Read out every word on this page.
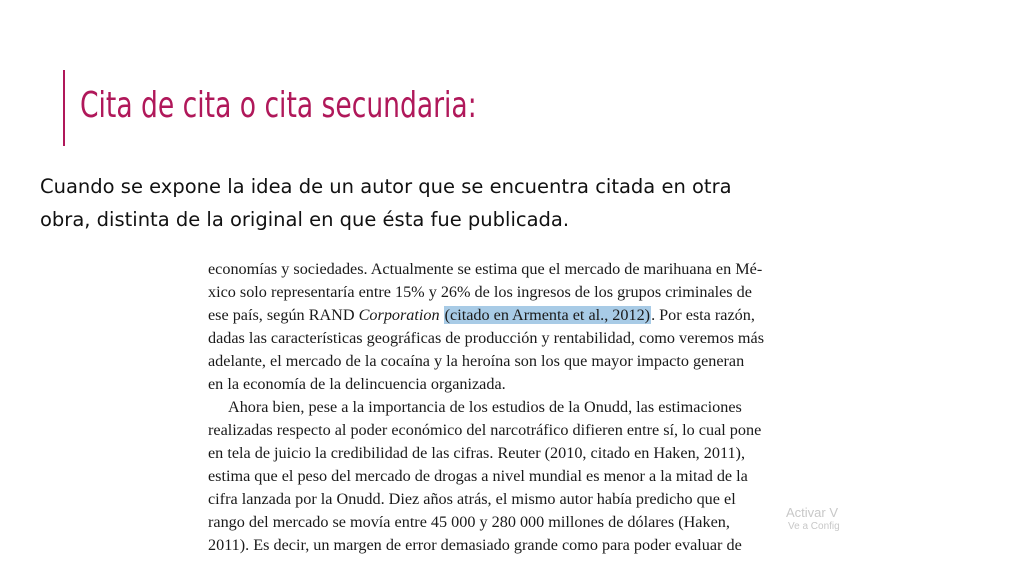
Cita de cita o cita secundaria:
Cuando se expone la idea de un autor que se encuentra citada en otra
obra, distinta de la original en que ésta fue publicada.
economías y sociedades. Actualmente se estima que el mercado de marihuana en Mé-
xico solo representaría entre 15% y 26% de los ingresos de los grupos criminales de
ese país, según RAND Corporation (citado en Armenta et al., 2012). Por esta razón,
dadas las características geográficas de producción y rentabilidad, como veremos más
adelante, el mercado de la cocaína y la heroína son los que mayor impacto generan
en la economía de la delincuencia organizada.
Ahora bien, pese a la importancia de los estudios de la Onudd, las estimaciones
realizadas respecto al poder económico del narcotráfico difieren entre sí, lo cual pone
en tela de juicio la credibilidad de las cifras. Reuter (2010, citado en Haken, 2011),
estima que el peso del mercado de drogas a nivel mundial es menor a la mitad de la
cifra lanzada por la Onudd. Diez años atrás, el mismo autor había predicho que el
rango del mercado se movía entre 45 000 y 280 000 millones de dólares (Haken,
2011). Es decir, un margen de error demasiado grande como para poder evaluar de
Activar V
Ve a Config
